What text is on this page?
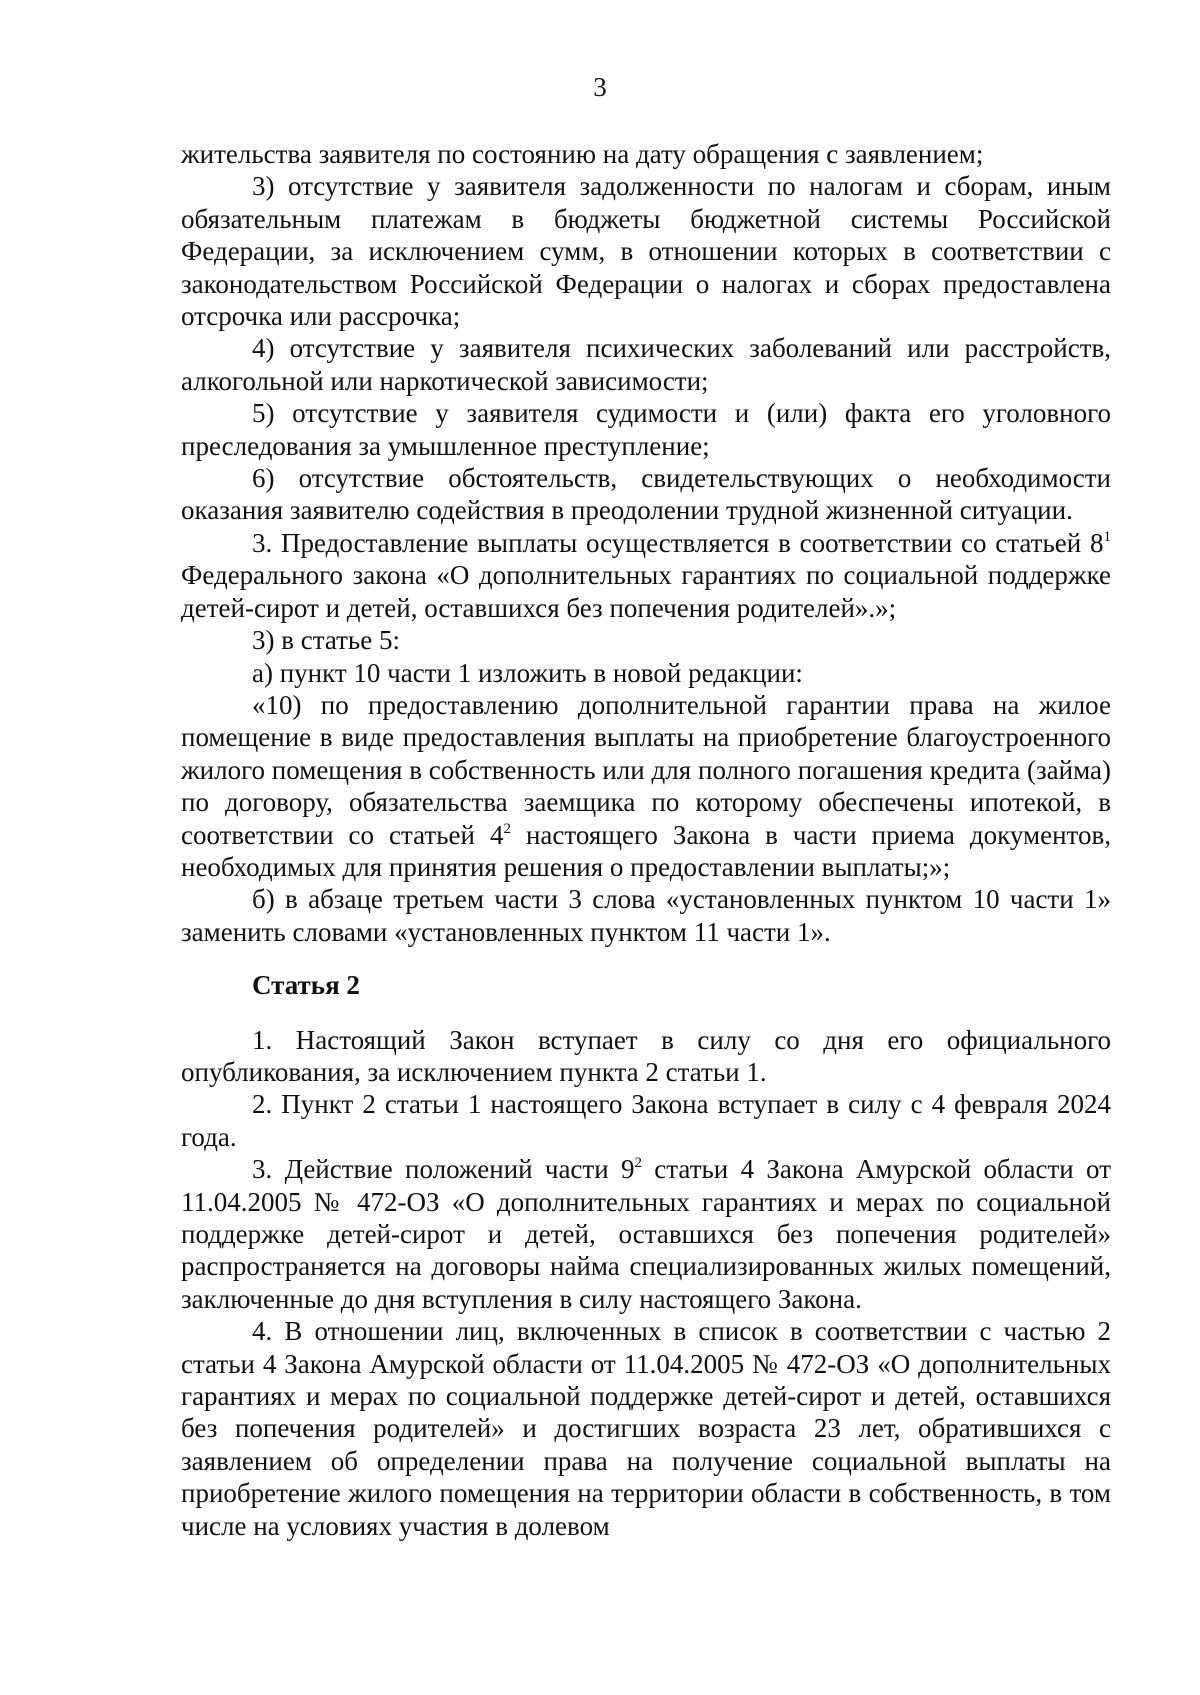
3

жительства заявителя по состоянию на дату обращения с заявлением;

3) отсутствие у заявителя задолженности по налогам и сборам, иным обязательным платежам в бюджеты бюджетной системы Российской Федерации, за исключением сумм, в отношении которых в соответствии с законодательством Российской Федерации о налогах и сборах предоставлена отсрочка или рассрочка;

4) отсутствие у заявителя психических заболеваний или расстройств, алкогольной или наркотической зависимости;

5) отсутствие у заявителя судимости и (или) факта его уголовного преследования за умышленное преступление;

6) отсутствие обстоятельств, свидетельствующих о необходимости оказания заявителю содействия в преодолении трудной жизненной ситуации.

3. Предоставление выплаты осуществляется в соответствии со статьей $8^1$ Федерального закона «О дополнительных гарантиях по социальной поддержке детей-сирот и детей, оставшихся без попечения родителей».»;

3) в статье 5:

а) пункт 10 части 1 изложить в новой редакции:

«10) по предоставлению дополнительной гарантии права на жилое помещение в виде предоставления выплаты на приобретение благоустроенного жилого помещения в собственность или для полного погашения кредита (займа) по договору, обязательства заемщика по которому обеспечены ипотекой, в соответствии со статьей $4^2$ настоящего Закона в части приема документов, необходимых для принятия решения о предоставлении выплаты;»;

б) в абзаце третьем части 3 слова «установленных пунктом 10 части 1» заменить словами «установленных пунктом 11 части 1».

Статья 2

1. Настоящий Закон вступает в силу со дня его официального опубликования, за исключением пункта 2 статьи 1.

2. Пункт 2 статьи 1 настоящего Закона вступает в силу с 4 февраля 2024 года.

3. Действие положений части $9^2$ статьи 4 Закона Амурской области от 11.04.2005 № 472-ОЗ «О дополнительных гарантиях и мерах по социальной поддержке детей-сирот и детей, оставшихся без попечения родителей» распространяется на договоры найма специализированных жилых помещений, заключенные до дня вступления в силу настоящего Закона.

4. В отношении лиц, включенных в список в соответствии с частью 2 статьи 4 Закона Амурской области от 11.04.2005 № 472-ОЗ «О дополнительных гарантиях и мерах по социальной поддержке детей-сирот и детей, оставшихся без попечения родителей» и достигших возраста 23 лет, обратившихся с заявлением об определении права на получение социальной выплаты на приобретение жилого помещения на территории области в собственность, в том числе на условиях участия в долевом
